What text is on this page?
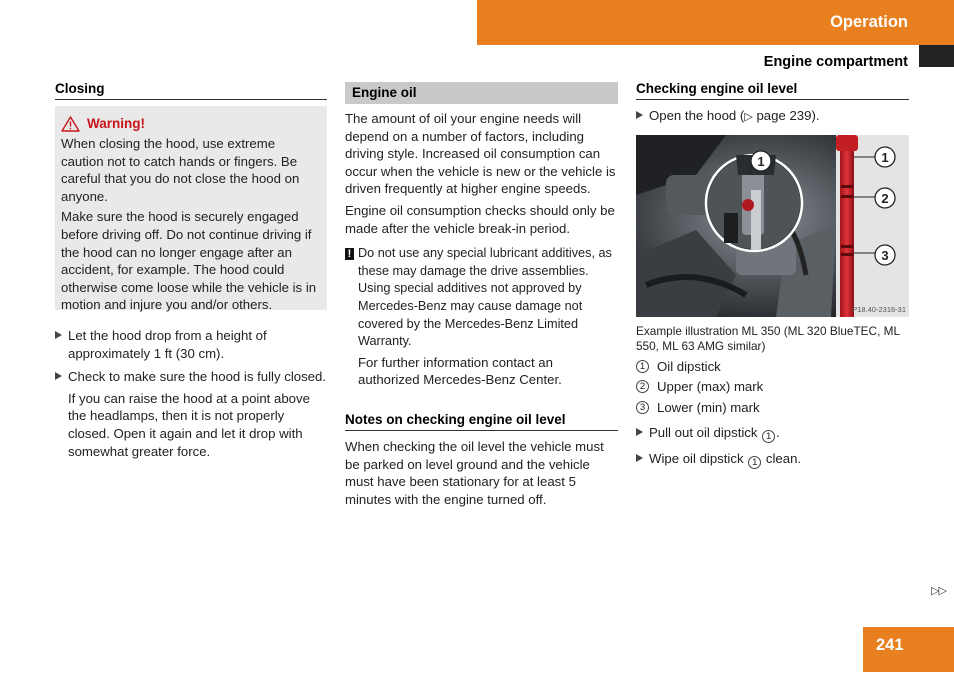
Operation
Engine compartment
Closing
Warning!

When closing the hood, use extreme caution not to catch hands or fingers. Be careful that you do not close the hood on anyone.

Make sure the hood is securely engaged before driving off. Do not continue driving if the hood can no longer engage after an accident, for example. The hood could otherwise come loose while the vehicle is in motion and injure you and/or others.

Let the hood drop from a height of approximately 1 ft (30 cm).
Check to make sure the hood is fully closed.

If you can raise the hood at a point above the headlamps, then it is not properly closed. Open it again and let it drop with somewhat greater force.

Engine oil

The amount of oil your engine needs will depend on a number of factors, including driving style. Increased oil consumption can occur when the vehicle is new or the vehicle is driven frequently at higher engine speeds.

Engine oil consumption checks should only be made after the vehicle break-in period.

! Do not use any special lubricant additives, as these may damage the drive assemblies. Using special additives not approved by Mercedes-Benz may cause damage not covered by the Mercedes-Benz Limited Warranty.

For further information contact an authorized Mercedes-Benz Center.

Notes on checking engine oil level

When checking the oil level the vehicle must be parked on level ground and the vehicle must have been stationary for at least 5 minutes with the engine turned off.

Checking engine oil level
Open the hood (▷ page 239).
1	1
2
3
P18.40-2316-31

Example illustration ML 350 (ML 320 BlueTEC, ML 550, ML 63 AMG similar)

1 Oil dipstick
2 Upper (max) mark
3 Lower (min) mark
Pull out oil dipstick 1 .
Wipe oil dipstick 1 clean.
▷▷
241
